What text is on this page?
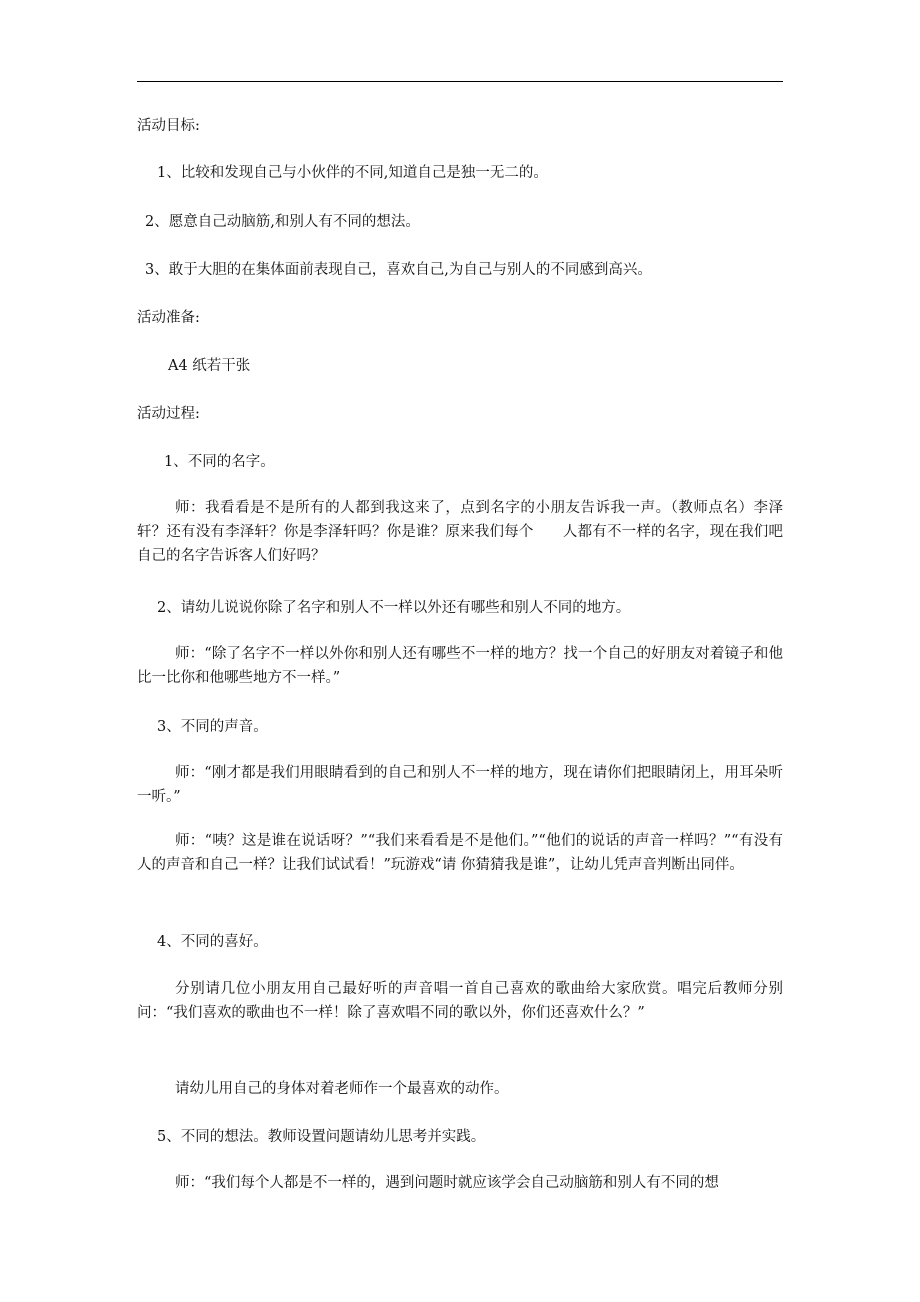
活动目标:
1、比较和发现自己与小伙伴的不同,知道自己是独一无二的。
2、愿意自己动脑筋,和别人有不同的想法。
3、敢于大胆的在集体面前表现自己，喜欢自己,为自己与别人的不同感到高兴。
活动准备:
A4 纸若干张
活动过程:
1、不同的名字。
师：我看看是不是所有的人都到我这来了，点到名字的小朋友告诉我一声。（教师点名）李泽轩？还有没有李泽轩？你是李泽轩吗？你是谁？原来我们每个　　人都有不一样的名字，现在我们吧自己的名字告诉客人们好吗？
2、请幼儿说说你除了名字和别人不一样以外还有哪些和别人不同的地方。
师：“除了名字不一样以外你和别人还有哪些不一样的地方？找一个自己的好朋友对着镜子和他比一比你和他哪些地方不一样。”
3、不同的声音。
师：“刚才都是我们用眼睛看到的自己和别人不一样的地方，现在请你们把眼睛闭上，用耳朵听一听。”
师：“咦？这是谁在说话呀？”“我们来看看是不是他们。”“他们的说话的声音一样吗？”“有没有人的声音和自己一样？让我们试试看！”玩游戏“请 你猜猜我是谁”，让幼儿凭声音判断出同伴。
4、不同的喜好。
分别请几位小朋友用自己最好听的声音唱一首自己喜欢的歌曲给大家欣赏。唱完后教师分别问：“我们喜欢的歌曲也不一样！除了喜欢唱不同的歌以外，你们还喜欢什么？”
请幼儿用自己的身体对着老师作一个最喜欢的动作。
5、不同的想法。教师设置问题请幼儿思考并实践。
师：“我们每个人都是不一样的，遇到问题时就应该学会自己动脑筋和别人有不同的想
